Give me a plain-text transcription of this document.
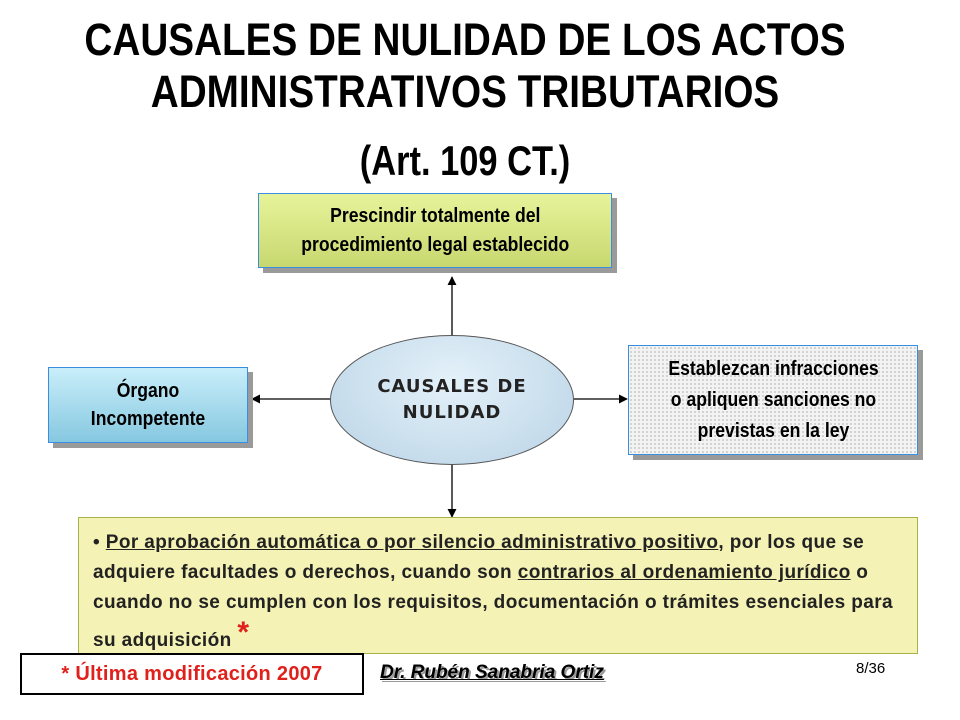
CAUSALES DE NULIDAD DE LOS ACTOS
ADMINISTRATIVOS TRIBUTARIOS
(Art. 109 CT.)
Prescindir totalmente del
procedimiento legal establecido
Órgano
Incompetente
Establezcan infracciones
o apliquen sanciones no
previstas en la ley
CAUSALES DE
NULIDAD
• Por aprobación automática o por silencio administrativo positivo, por los que se adquiere facultades o derechos, cuando son contrarios al ordenamiento jurídico o cuando no se cumplen con los requisitos, documentación o trámites esenciales para su adquisición *
* Última modificación 2007	Dr. Rubén Sanabria Ortiz	8/36
